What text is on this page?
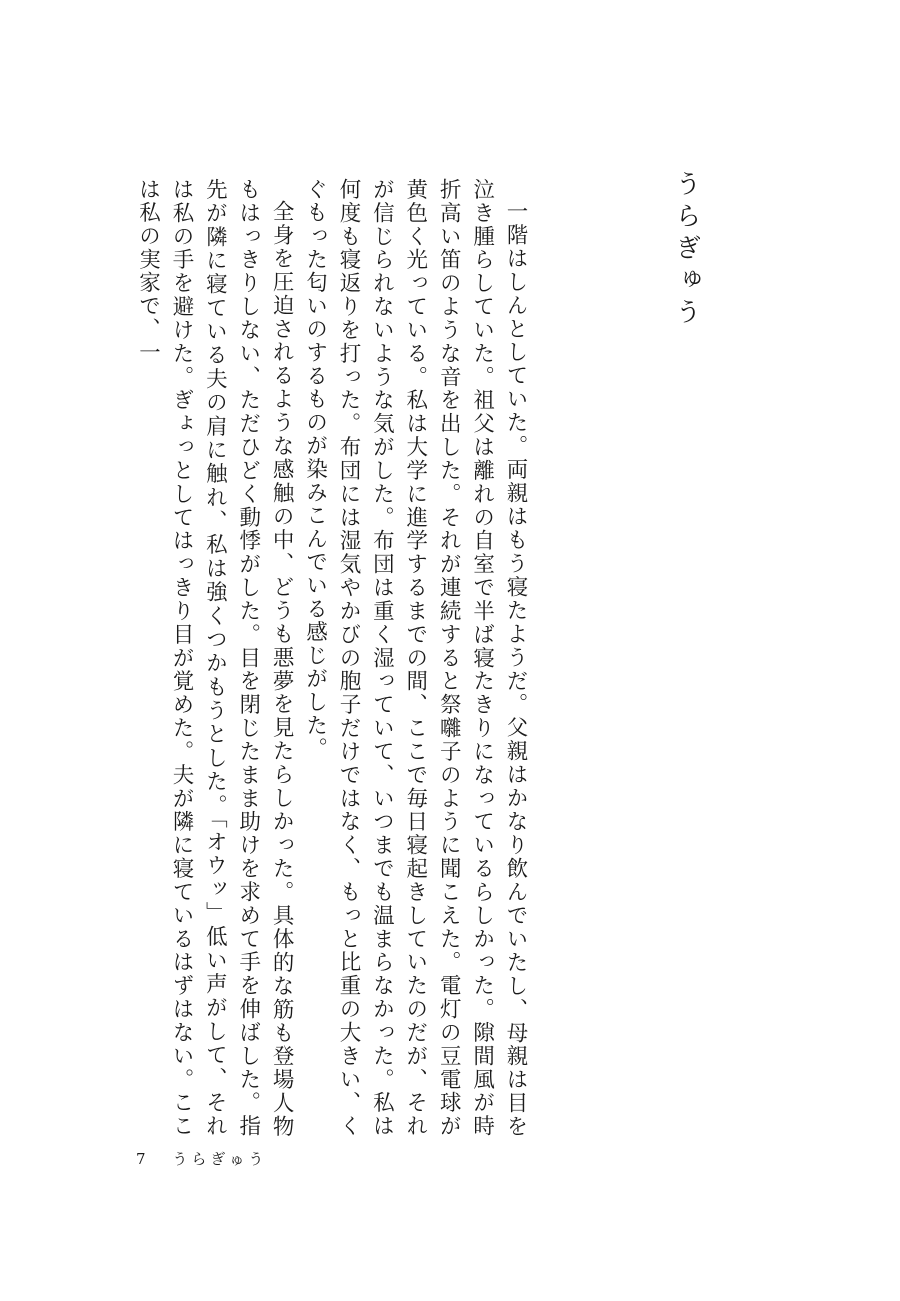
うらぎゅう

一階はしんとしていた。両親はもう寝たようだ。父親はかなり飲んでいたし、母親は目を泣き腫らしていた。祖父は離れの自室で半ば寝たきりになっているらしかった。隙間風が時折高い笛のような音を出した。それが連続すると祭囃子のように聞こえた。電灯の豆電球が黄色く光っている。私は大学に進学するまでの間、ここで毎日寝起きしていたのだが、それが信じられないような気がした。布団は重く湿っていて、いつまでも温まらなかった。私は何度も寝返りを打った。布団には湿気やかびの胞子だけではなく、もっと比重の大きい、くぐもった匂いのするものが染みこんでいる感じがした。

全身を圧迫されるような感触の中、どうも悪夢を見たらしかった。具体的な筋も登場人物もはっきりしない、ただひどく動悸がした。目を閉じたまま助けを求めて手を伸ばした。指先が隣に寝ている夫の肩に触れ、私は強くつかもうとした。「オウッ」低い声がして、それは私の手を避けた。ぎょっとしてはっきり目が覚めた。夫が隣に寝ているはずはない。ここは私の実家で、一

7 うらぎゅう
